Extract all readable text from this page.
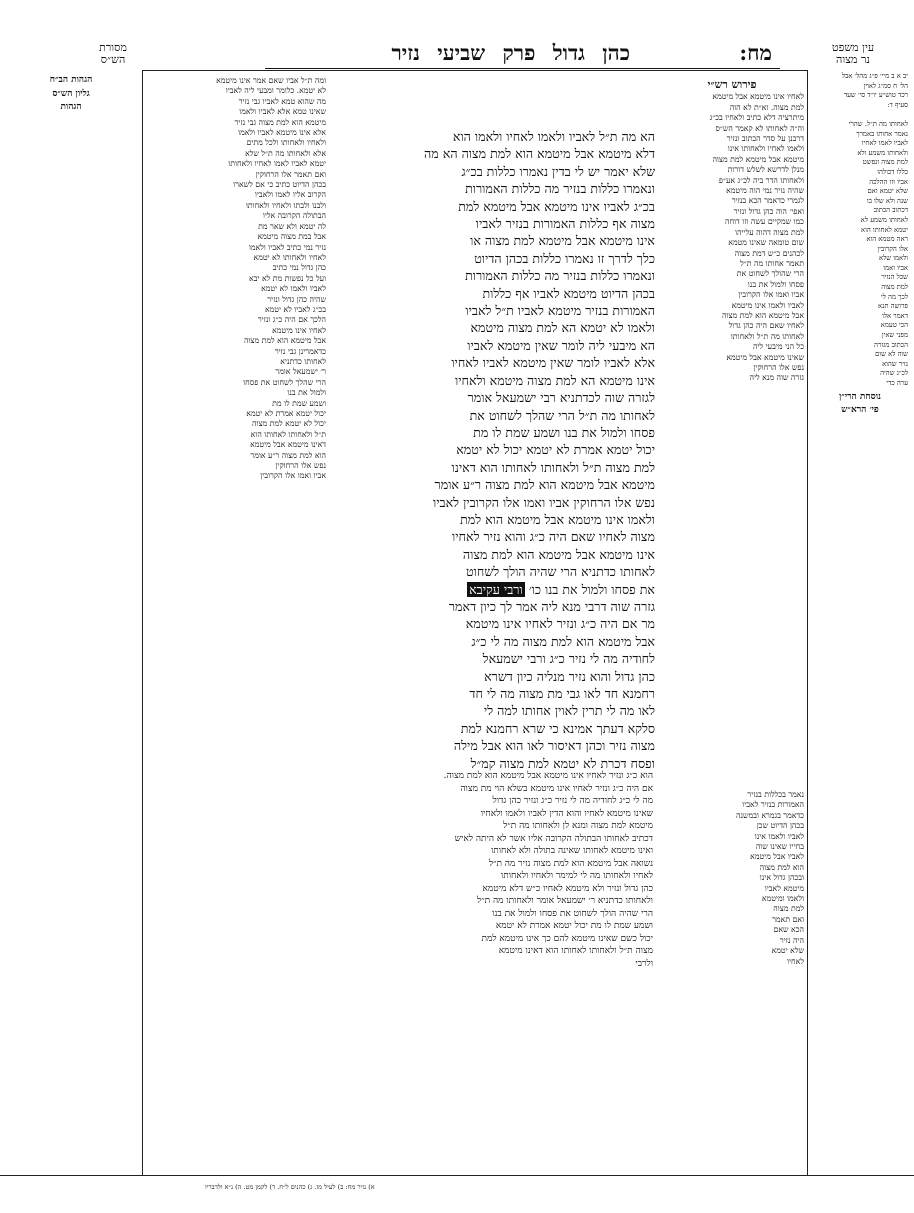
מסורת
הש״ס
עין משפט
נר מצוה
מח:
כהן גדול פרק שביעי נזיר
יב א ב מיי׳ פ״ג מהל׳ אבל
הל׳ ח סמ״ג לאוין
רכד טוש״ע יו״ד סי׳ שעד
סעיף ד:

לאחותו מה ת״ל. שהרי
נאמר אחותו באמרך
לאביו לאמו לאחיו
ולאחותו משמע ולא
למת מצוה ונפשט
כללו דכולהו
אביו וזו ההלכה
שלא יטמא ואם
שנה ולא שלו בו
דכתוב הכתוב
לאחותו משמע לא
יטמא לאחותו הוא
ראה מטמא הוא
אלו הקרובין
ולאמו שלא
אביו ואמו
שכל הנזיר
למת מצוה
לכך מה לי
פרושה תנא
דאמר אלו
הכי טעמא
מפני שאין
הכתוב מגזרה
שוה לא שום
נזיר שהוא
לכ״ג שהיה
ערה כדי
נוסחת הרי״ן
פי׳ הרא״ש
הגהות הב״ח
גליון הש״ס
הגהות
פירוש רש״י
לאחיו אינו מיטמא אבל מיטמא
למת מצוה. וא״ת לא הוה
מיתרציה דלא כתיב ולאחיו בכ״ג
וה״ה לאחותו לא קאמר הש״ס
דרבנן על סדר הכתוב ונזיר
ולאמו לאחיו ולאחותו אינו
מיטמא אבל מיטמא למת מצוה
מנלן לדרשא לשלש דורות
ולאחותו הדר ביה לכ״ג אע״פ
שהיה נזיר נמי הוה מיטמא
לגמרי כדאמר הכא בנזיר
ואפי׳ הוה כהן גדול ונזיר
כמו שמקיים עשה וזו דוחה
למת מצוה דהוה עלייהו
שום טומאה שאינו מטמא
לכהנים כ״ש דמת מצוה
תאמר אחותו מה ת״ל
הרי שהולך לשחוט את
פסחו ולמול את בנו
אביו ואמו אלו הקרובין
לאביו ולאמו אינו מיטמא
אבל מיטמא הוא למת מצוה
לאחיו שאם היה כהן גדול
לאחותו מה ת״ל ולאחותו
כל הני מיבעי ליה
שאינו מיטמא אבל מיטמא
נפש אלו הרחוקין
גזרה שוה מנא ליה
הא מה ת״ל לאביו ולאמו לאחיו ולאמו הוא
דלא מיטמא אבל מיטמא הוא למת מצוה הא מה
שלא יאמר יש לי בדין נאמרו כללות בכ״ג
ונאמרו כללות בנזיר מה כללות האמורות
בכ״ג לאביו אינו מיטמא אבל מיטמא למת
מצוה אף כללות האמורות בנזיר לאביו
אינו מיטמא אבל מיטמא למת מצוה או
כלך לדרך זו נאמרו כללות בכהן הדיוט
ונאמרו כללות בנזיר מה כללות האמורות
בכהן הדיוט מיטמא לאביו אף כללות
האמורות בנזיר מיטמא לאביו ת״ל לאביו
ולאמו לא יטמא הא למת מצוה מיטמא
הא מיבעי ליה לומר שאין מיטמא לאביו
אלא לאביו לומר שאין מיטמא לאביו לאחיו
אינו מיטמא הא למת מצוה מיטמא ולאחיו
לגזרה שוה לכדתניא רבי ישמעאל אומר
לאחותו מה ת״ל הרי שהלך לשחוט את
פסחו ולמול את בנו ושמע שמת לו מת
יכול יטמא אמרת לא יטמא יכול לא יטמא
למת מצוה ת״ל ולאחותו לאחותו הוא דאינו
מיטמא אבל מיטמא הוא למת מצוה ר״ע אומר
נפש אלו הרחוקין אביו ואמו אלו הקרובין לאביו
ולאמו אינו מיטמא אבל מיטמא הוא למת
מצוה לאחיו שאם היה כ״ג והוא נזיר לאחיו
אינו מיטמא אבל מיטמא הוא למת מצוה
לאחותו כדתניא הרי שהיה הולך לשחוט
את פסחו ולמול את בנו כו׳ ורבי עקיבא
גזרה שוה דרבי מנא ליה אמר לך כיון דאמר
מר אם היה כ״ג ונזיר לאחיו אינו מיטמא
אבל מיטמא הוא למת מצוה מה לי כ״ג
לחודיה מה לי נזיר כ״ג ורבי ישמעאל
כהן גדול והוא נזיר מנליה כיון דשרא
רחמנא חד לאו גבי מת מצוה מה לי חד
לאו מה לי תרין לאוין אחותו למה לי
סלקא דעתך אמינא כי שרא רחמנא למת
מצוה נזיר וכהן דאיסור לאו הוא אבל מילה
ופסח דכרת לא יטמא למת מצוה קמ״ל
ומה ת״ל אביו שאם אמר אינו מיטמא
לא יטמא. כלומר ומבעי ליה לאביו
מה שהוא טמא לאביו גבי נזיר
שאינו טמא אלא לאביו ולאמו
מיטמא הוא למת מצוה גבי נזיר
אלא אינו מיטמא לאביו ולאמו
ולאחיו ולאחותו ולכל מתים
אלא ולאחותו מה ת״ל שלא
יטמא לאביו לאמו לאחיו ולאחותו
ואם תאמר אלו הרחוקין
בכהן הדיוט כתיב כי אם לשארו
הקרוב אליו לאמו ולאביו
ולבנו ולבתו ולאחיו ולאחותו
הבתולה הקרובה אליו
לה יטמא ולא שאר מת
אבל במת מצוה מיטמא
נזיר נמי כתיב לאביו ולאמו
לאחיו ולאחותו לא יטמא
כהן גדול נמי כתיב
ועל כל נפשות מת לא יבא
לאביו ולאמו לא יטמא
שהיה כהן גדול ונזיר
בכ״ג לאביו לא יטמא
הלכך אם היה כ״ג ונזיר
לאחיו אינו מיטמא
אבל מיטמא הוא למת מצוה
כדאמרינן גבי נזיר
לאחותו כדתניא
ר׳ ישמעאל אומר
הרי שהלך לשחוט את פסחו
ולמול את בנו
ושמע שמת לו מת
יכול יטמא אמרת לא יטמא
יכול לא יטמא למת מצוה
ת״ל ולאחותו לאחותו הוא
דאינו מיטמא אבל מיטמא
הוא למת מצוה ר״ע אומר
נפש אלו הרחוקין
אביו ואמו אלו הקרובין
נאמר בכללות בנזיר
האמורות בנזיר לאביו
כדאמר בגמרא ובמשנה
בכהן הדיוט שכן
לאביו ולאמו אינו
בחייו שאינו שוה
לאביו אבל מיטמא
הוא למת מצוה
ובכהן גדול אינו
מיטמא לאביו
ולאמו ומיטמא
למת מצוה
ואם תאמר
הכא שאם
היה נזיר
שלא יטמא
לאחיו
הוא כ״ג ונזיר לאחיו אינו מיטמא אבל מיטמא הוא למת מצוה.
אם היה כ״ג ונזיר לאחיו אינו מיטמא בשלא הוי מת מצוה
מה לי כ״ג לחודיה מה לי נזיר כ״ג ונזיר כהן גדול
שאינו מיטמא לאחיו והוא הדין לאביו ולאמו ולאחיו
מיטמא למת מצוה ומנא לן ולאחותו מה ת״ל
דכתיב לאחותו הבתולה הקרובה אליו אשר לא היתה לאיש
ואינו מיטמא לאחותו שאינה בתולה ולא לאחותו
נשואה אבל מיטמא הוא למת מצוה נזיר מה ת״ל
לאחיו ולאחותו מה לי למימר ולאחיו ולאחותו
כהן גדול ונזיר ולא מיטמא לאחיו כ״ש דלא מיטמא
ולאחותו כדתניא ר׳ ישמעאל אומר ולאחותו מה ת״ל
הרי שהיה הולך לשחוט את פסחו ולמול את בנו
ושמע שמת לו מת יכול יטמא אמרת לא יטמא
יכול כשם שאינו מיטמא להם כך אינו מיטמא למת
מצוה ת״ל ולאחותו לאחותו הוא דאינו מיטמא
ולרבי
א) נזיר מח: ב) לעיל מז. ג) כהנים ל״ח. ד) לקמן מט. ה) נ״א ולדבריו
